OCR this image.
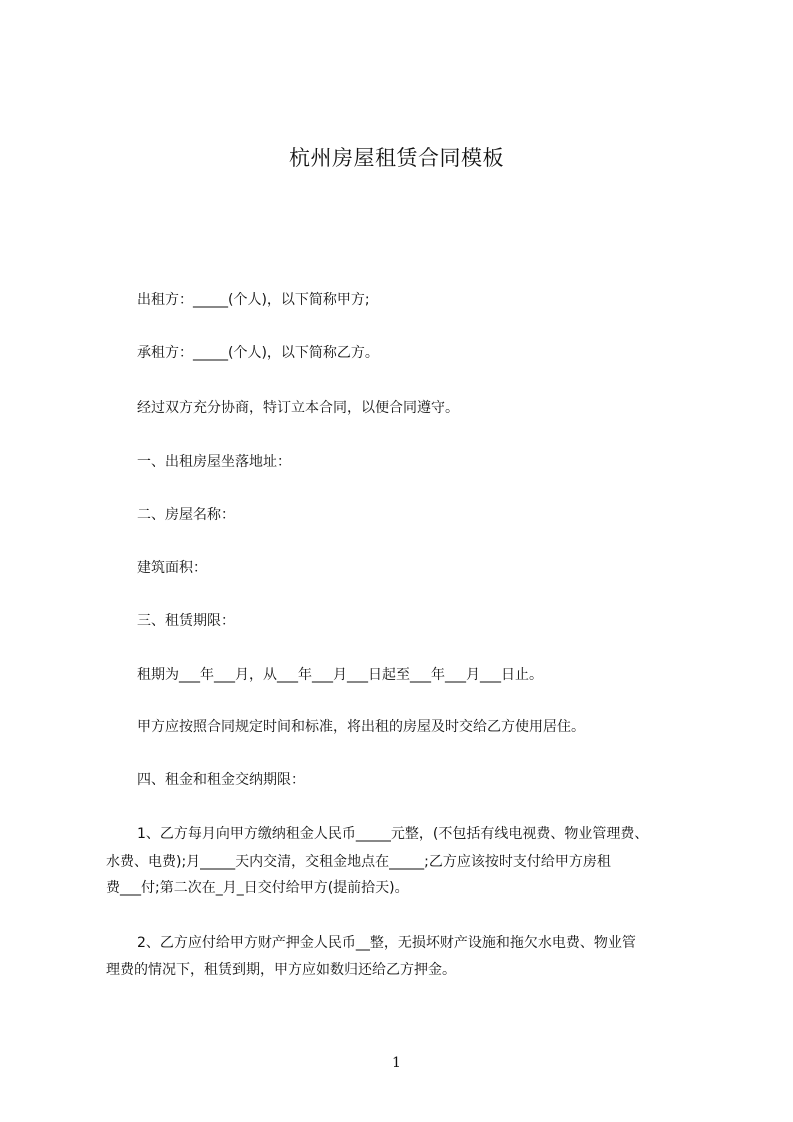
杭州房屋租赁合同模板
出租方：_____(个人)，以下简称甲方;
承租方：_____(个人)，以下简称乙方。
经过双方充分协商，特订立本合同，以便合同遵守。
一、出租房屋坐落地址：
二、房屋名称：
建筑面积：
三、租赁期限：
租期为___年___月，从___年___月___日起至___年___月___日止。
甲方应按照合同规定时间和标准，将出租的房屋及时交给乙方使用居住。
四、租金和租金交纳期限：
1、乙方每月向甲方缴纳租金人民币_____元整，(不包括有线电视费、物业管理费、
水费、电费);月_____天内交清，交租金地点在_____;乙方应该按时支付给甲方房租
费___付;第二次在_月_日交付给甲方(提前拾天)。
2、乙方应付给甲方财产押金人民币__整，无损坏财产设施和拖欠水电费、物业管
理费的情况下，租赁到期，甲方应如数归还给乙方押金。
1
